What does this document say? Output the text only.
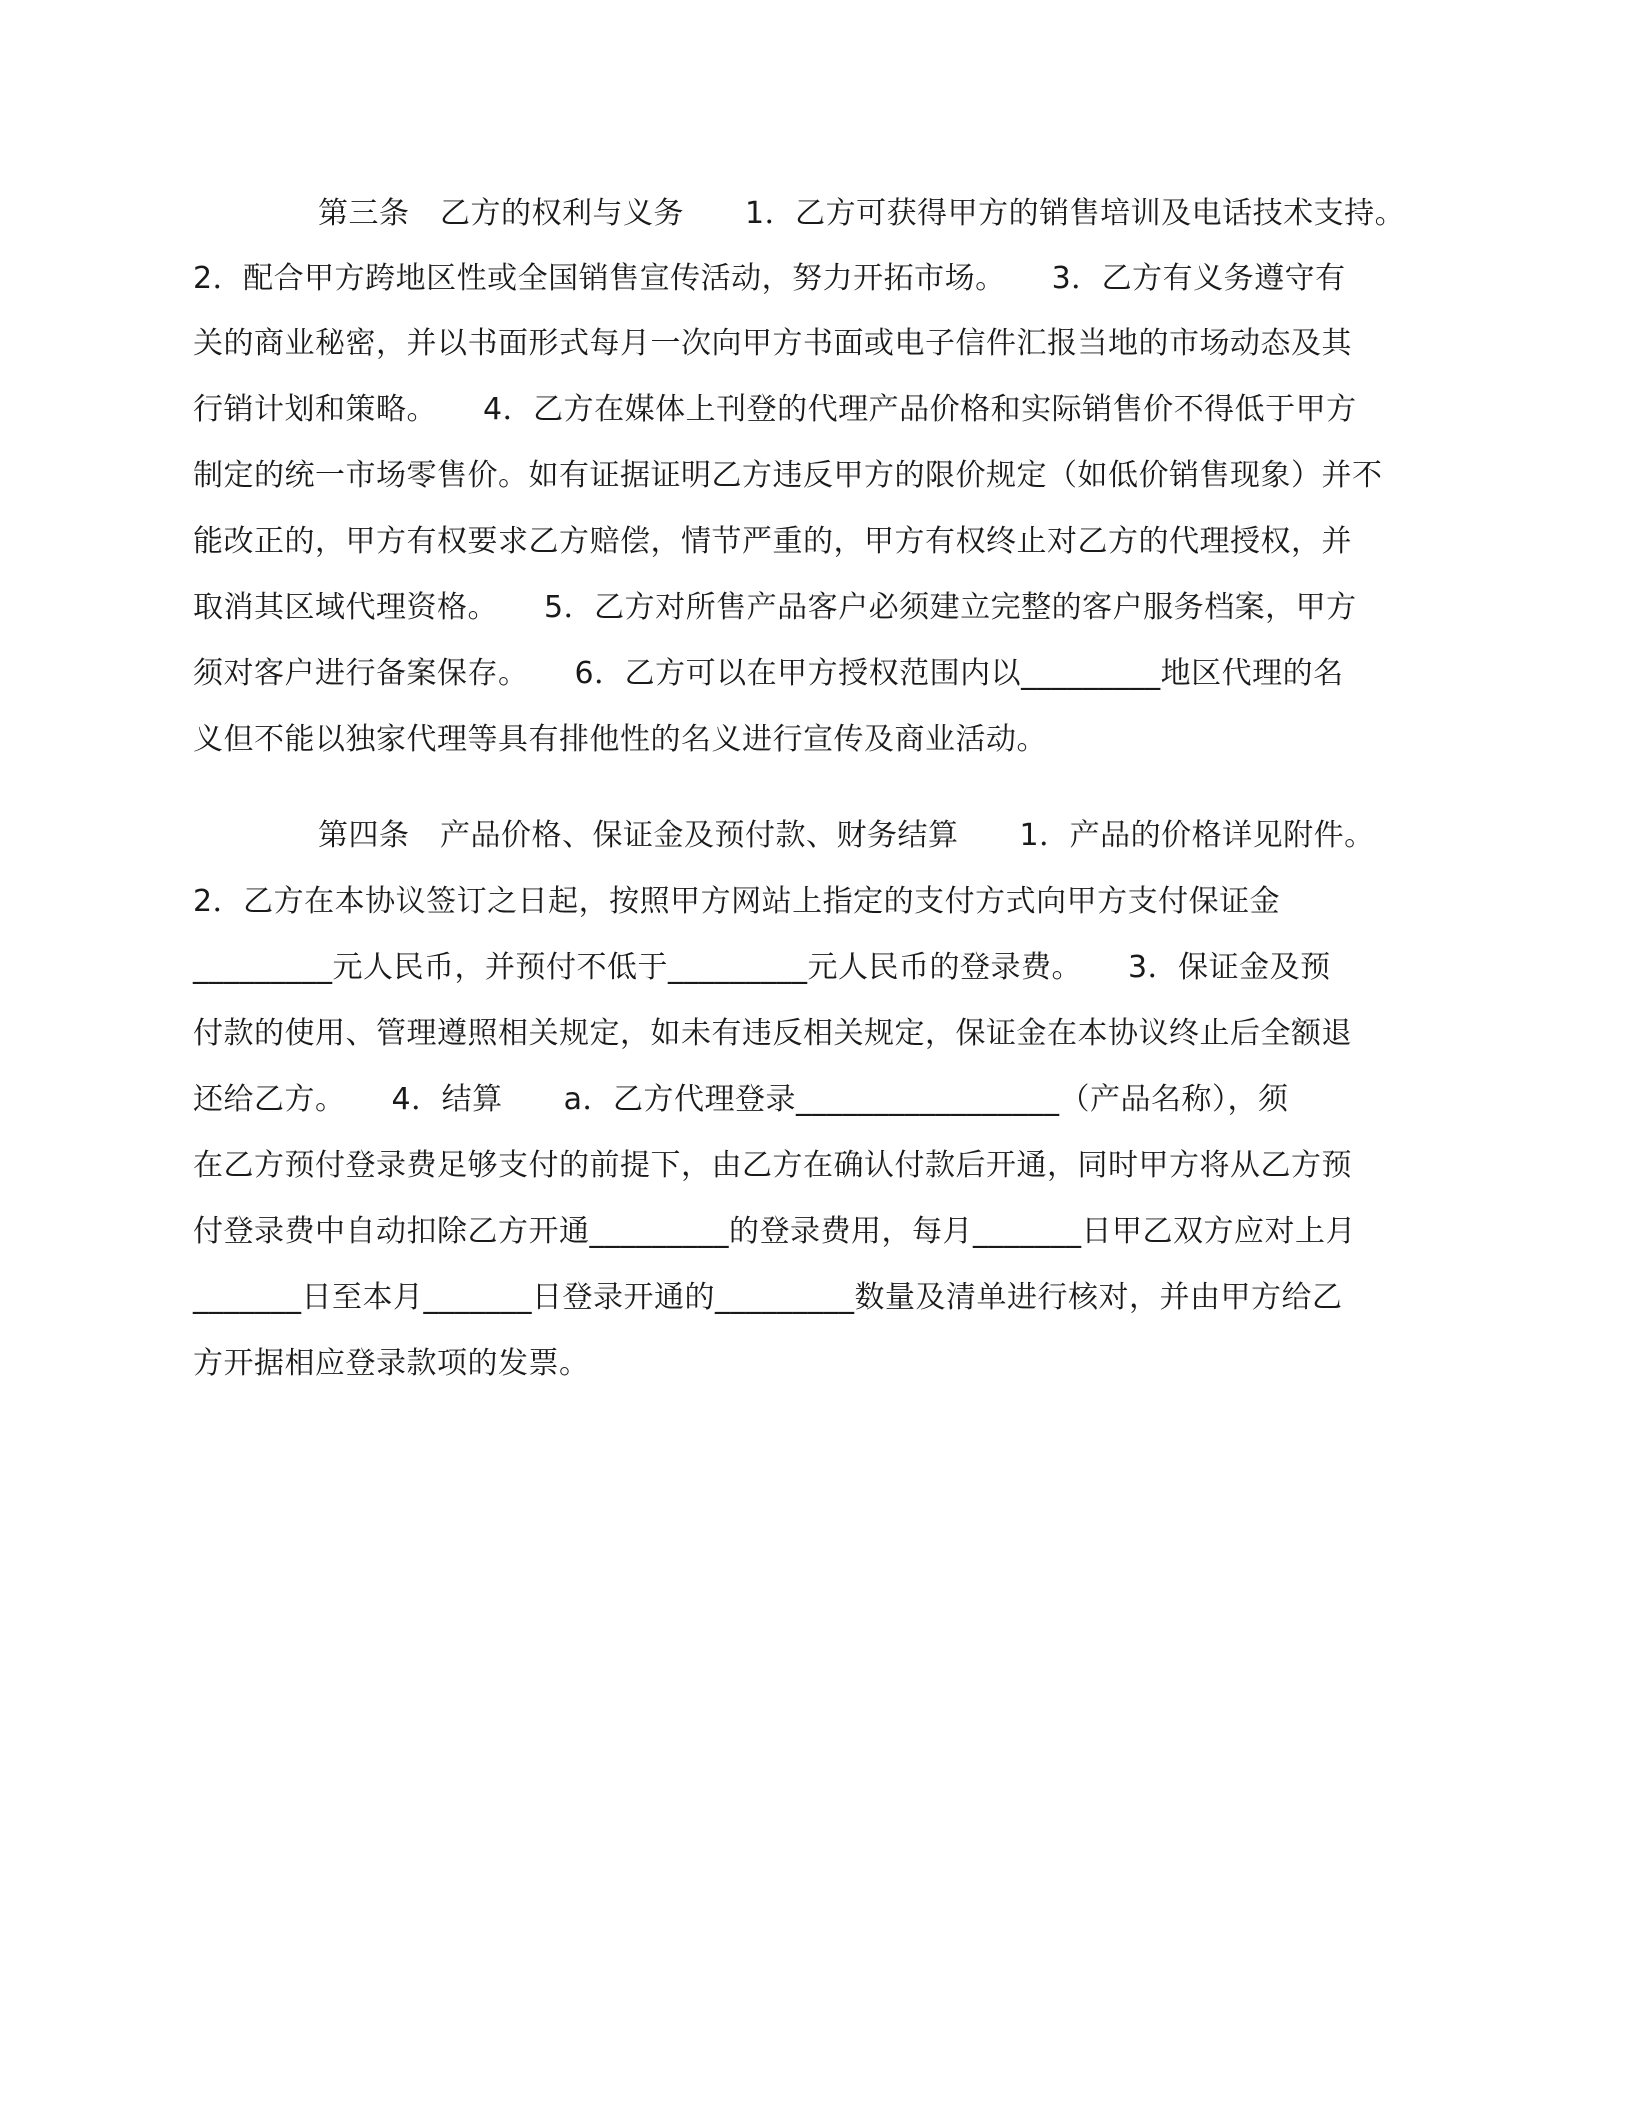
第三条　乙方的权利与义务　　1．乙方可获得甲方的销售培训及电话技术支持。
2．配合甲方跨地区性或全国销售宣传活动，努力开拓市场。　　3．乙方有义务遵守有
关的商业秘密，并以书面形式每月一次向甲方书面或电子信件汇报当地的市场动态及其
行销计划和策略。　　4．乙方在媒体上刊登的代理产品价格和实际销售价不得低于甲方
制定的统一市场零售价。如有证据证明乙方违反甲方的限价规定（如低价销售现象）并不
能改正的，甲方有权要求乙方赔偿，情节严重的，甲方有权终止对乙方的代理授权，并
取消其区域代理资格。　　5．乙方对所售产品客户必须建立完整的客户服务档案，甲方
须对客户进行备案保存。　　6．乙方可以在甲方授权范围内以_________地区代理的名
义但不能以独家代理等具有排他性的名义进行宣传及商业活动。
第四条　产品价格、保证金及预付款、财务结算　　1．产品的价格详见附件。
2．乙方在本协议签订之日起，按照甲方网站上指定的支付方式向甲方支付保证金
_________元人民币，并预付不低于_________元人民币的登录费。　　3．保证金及预
付款的使用、管理遵照相关规定，如未有违反相关规定，保证金在本协议终止后全额退
还给乙方。　　4．结算　　a．乙方代理登录_________________（产品名称），须
在乙方预付登录费足够支付的前提下，由乙方在确认付款后开通，同时甲方将从乙方预
付登录费中自动扣除乙方开通_________的登录费用，每月_______日甲乙双方应对上月
_______日至本月_______日登录开通的_________数量及清单进行核对，并由甲方给乙
方开据相应登录款项的发票。
